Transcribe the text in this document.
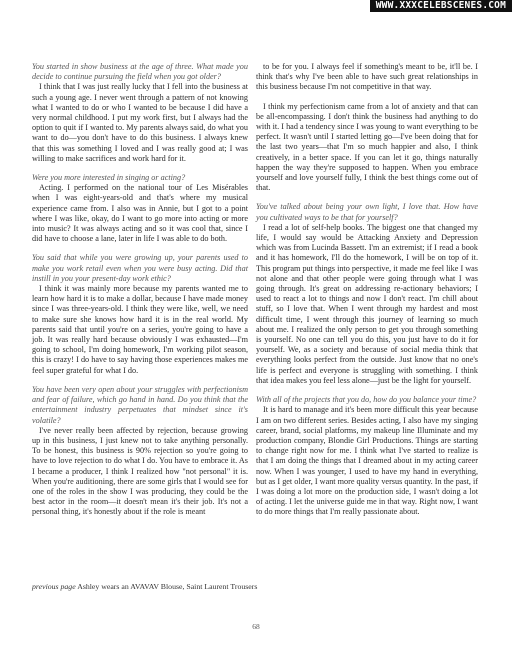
WWW.XXXCELEBSCENES.COM

You started in show business at the age of three. What made you decide to continue pursuing the field when you got older?

I think that I was just really lucky that I fell into the business at such a young age. I never went through a pattern of not knowing what I wanted to do or who I wanted to be because I did have a very normal childhood. I put my work first, but I always had the option to quit if I wanted to. My parents always said, do what you want to do—you don't have to do this business. I always knew that this was something I loved and I was really good at; I was willing to make sacrifices and work hard for it.

Were you more interested in singing or acting?

Acting. I performed on the national tour of Les Misérables when I was eight-years-old and that's where my musical experience came from. I also was in Annie, but I got to a point where I was like, okay, do I want to go more into acting or more into music? It was always acting and so it was cool that, since I did have to choose a lane, later in life I was able to do both.

You said that while you were growing up, your parents used to make you work retail even when you were busy acting. Did that instill in you your present-day work ethic?

I think it was mainly more because my parents wanted me to learn how hard it is to make a dollar, because I have made money since I was three-years-old. I think they were like, well, we need to make sure she knows how hard it is in the real world. My parents said that until you're on a series, you're going to have a job. It was really hard because obviously I was exhausted—I'm going to school, I'm doing homework, I'm working pilot season, this is crazy! I do have to say having those experiences makes me feel super grateful for what I do.

You have been very open about your struggles with perfectionism and fear of failure, which go hand in hand. Do you think that the entertainment industry perpetuates that mindset since it's volatile?

I've never really been affected by rejection, because growing up in this business, I just knew not to take anything personally. To be honest, this business is 90% rejection so you're going to have to love rejection to do what I do. You have to embrace it. As I became a producer, I think I realized how "not personal" it is. When you're auditioning, there are some girls that I would see for one of the roles in the show I was producing, they could be the best actor in the room—it doesn't mean it's their job. It's not a personal thing, it's honestly about if the role is meant

to be for you. I always feel if something's meant to be, it'll be. I think that's why I've been able to have such great relationships in this business because I'm not competitive in that way.

I think my perfectionism came from a lot of anxiety and that can be all-encompassing. I don't think the business had anything to do with it. I had a tendency since I was young to want everything to be perfect. It wasn't until I started letting go—I've been doing that for the last two years—that I'm so much happier and also, I think creatively, in a better space. If you can let it go, things naturally happen the way they're supposed to happen. When you embrace yourself and love yourself fully, I think the best things come out of that.

You've talked about being your own light, I love that. How have you cultivated ways to be that for yourself?

I read a lot of self-help books. The biggest one that changed my life, I would say would be Attacking Anxiety and Depression which was from Lucinda Bassett. I'm an extremist; if I read a book and it has homework, I'll do the homework, I will be on top of it. This program put things into perspective, it made me feel like I was not alone and that other people were going through what I was going through. It's great on addressing re-actionary behaviors; I used to react a lot to things and now I don't react. I'm chill about stuff, so I love that. When I went through my hardest and most difficult time, I went through this journey of learning so much about me. I realized the only person to get you through something is yourself. No one can tell you do this, you just have to do it for yourself. We, as a society and because of social media think that everything looks perfect from the outside. Just know that no one's life is perfect and everyone is struggling with something. I think that idea makes you feel less alone—just be the light for yourself.

With all of the projects that you do, how do you balance your time?

It is hard to manage and it's been more difficult this year because I am on two different series. Besides acting, I also have my singing career, brand, social platforms, my makeup line Illuminate and my production company, Blondie Girl Productions. Things are starting to change right now for me. I think what I've started to realize is that I am doing the things that I dreamed about in my acting career now. When I was younger, I used to have my hand in everything, but as I get older, I want more quality versus quantity. In the past, if I was doing a lot more on the production side, I wasn't doing a lot of acting. I let the universe guide me in that way. Right now, I want to do more things that I'm really passionate about.

previous page Ashley wears an AVAVAV Blouse, Saint Laurent Trousers
68
